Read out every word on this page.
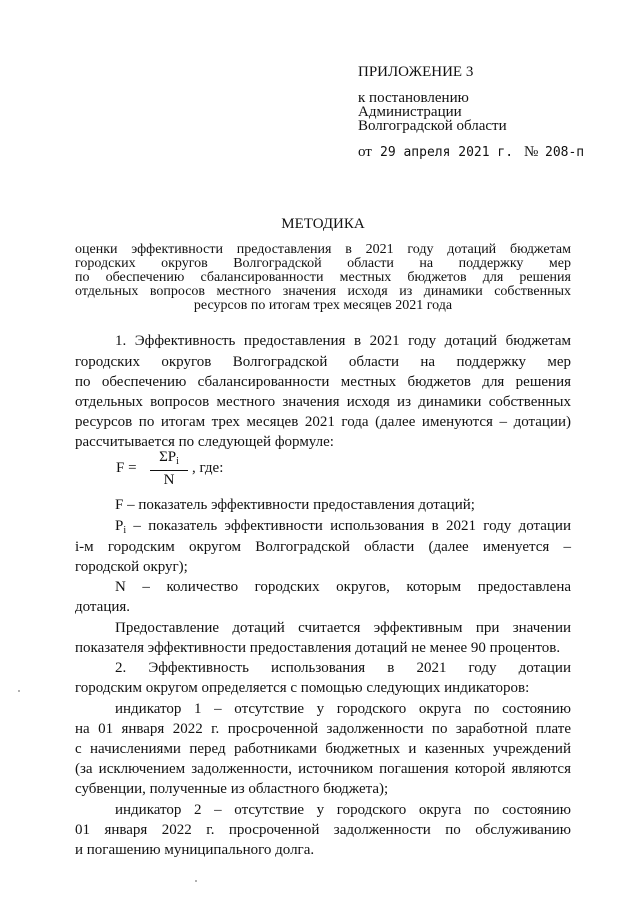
ПРИЛОЖЕНИЕ 3
к постановлению
Администрации
Волгоградской области
от 29 апреля 2021 г. № 208-п
МЕТОДИКА
оценки эффективности предоставления в 2021 году дотаций бюджетам
городских округов Волгоградской области на поддержку мер
по обеспечению сбалансированности местных бюджетов для решения
отдельных вопросов местного значения исходя из динамики собственных
ресурсов по итогам трех месяцев 2021 года
1. Эффективность предоставления в 2021 году дотаций бюджетам
городских округов Волгоградской области на поддержку мер
по обеспечению сбалансированности местных бюджетов для решения
отдельных вопросов местного значения исходя из динамики собственных
ресурсов по итогам трех месяцев 2021 года (далее именуются – дотации)
рассчитывается по следующей формуле:
F =
$\Sigma P_i$
N
, где:
F – показатель эффективности предоставления дотаций;
$P_i$ – показатель эффективности использования в 2021 году дотации
i-м городским округом Волгоградской области (далее именуется –
городской округ);
N – количество городских округов, которым предоставлена
дотация.
Предоставление дотаций считается эффективным при значении
показателя эффективности предоставления дотаций не менее 90 процентов.
2. Эффективность использования в 2021 году дотации
городским округом определяется с помощью следующих индикаторов:
индикатор 1 – отсутствие у городского округа по состоянию
на 01 января 2022 г. просроченной задолженности по заработной плате
с начислениями перед работниками бюджетных и казенных учреждений
(за исключением задолженности, источником погашения которой являются
субвенции, полученные из областного бюджета);
индикатор 2 – отсутствие у городского округа по состоянию
01 января 2022 г. просроченной задолженности по обслуживанию
и погашению муниципального долга.
